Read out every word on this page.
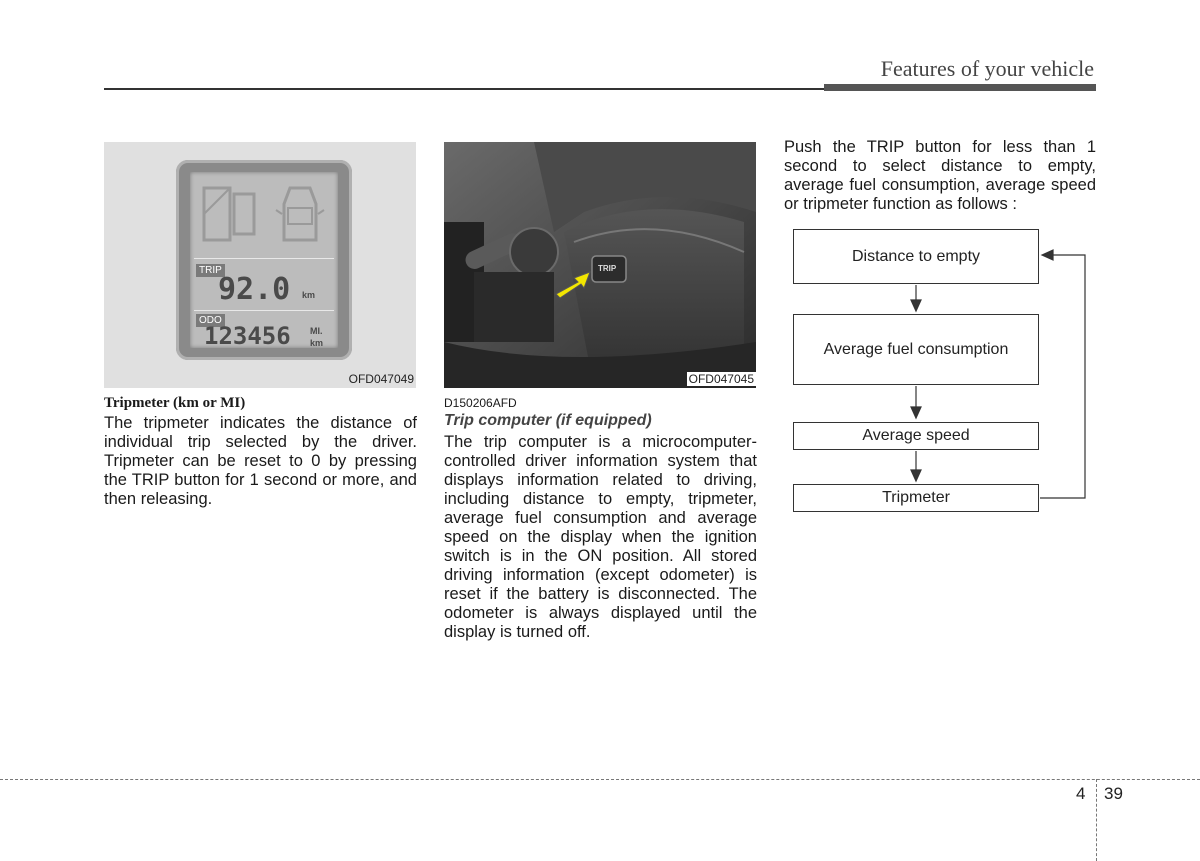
Features of your vehicle
TRIP
92.0 km
ODO
123456 MI.
km
OFD047049
TRIP
OFD047045
Tripmeter (km or MI)
The tripmeter indicates the distance of individual trip selected by the driver. Tripmeter can be reset to 0 by pressing the TRIP button for 1 second or more, and then releasing.
D150206AFD
Trip computer (if equipped)
The trip computer is a microcomputer-controlled driver information system that displays information related to driving, including distance to empty, tripmeter, average fuel consumption and average speed on the display when the ignition switch is in the ON position. All stored driving information (except odometer) is reset if the battery is disconnected. The odometer is always displayed until the display is turned off.
Push the TRIP button for less than 1 second to select distance to empty, average fuel consumption, average speed or tripmeter function as follows :
Distance to empty
Average fuel consumption
Average speed
Tripmeter
4 39
